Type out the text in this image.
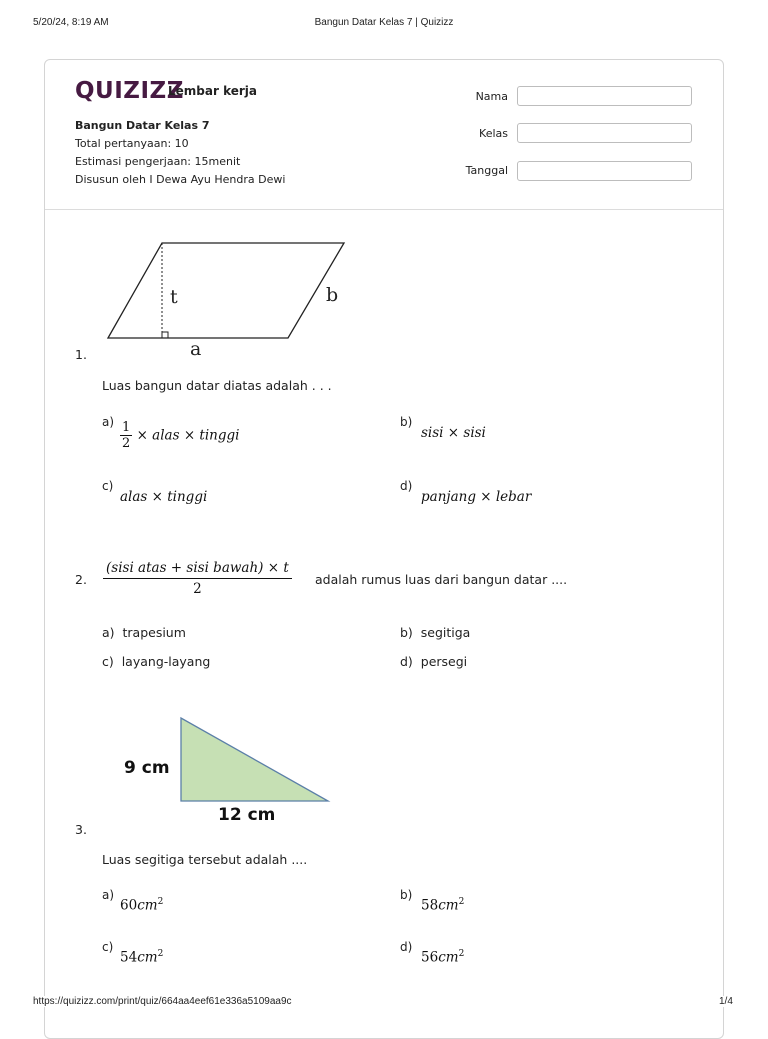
5/20/24, 8:19 AM	Bangun Datar Kelas 7 | Quizizz
QUIZIZZ
Lembar kerja
Bangun Datar Kelas 7
Total pertanyaan: 10
Estimasi pengerjaan: 15menit
Disusun oleh I Dewa Ayu Hendra Dewi
Nama
Kelas
Tanggal
t	b
a
1.
Luas bangun datar diatas adalah . . .
$a) \frac{1}{2}$ × alas × tinggi
b)
sisi × sisi
c)
alas × tinggi
d)
panjang × lebar
2.
(sisi atas + sisi bawah) × t
2
adalah rumus luas dari bangun datar ....
a) trapesium	b) segitiga
c) layang-layang	d) persegi
9 cm
12 cm
3.
Luas segitiga tersebut adalah ....
a)
$60cm^2$	b)
$58cm^2$
c)
$54cm^2$	d)
$56cm^2$
https://quizizz.com/print/quiz/664aa4eef61e336a5109aa9c	1/4
